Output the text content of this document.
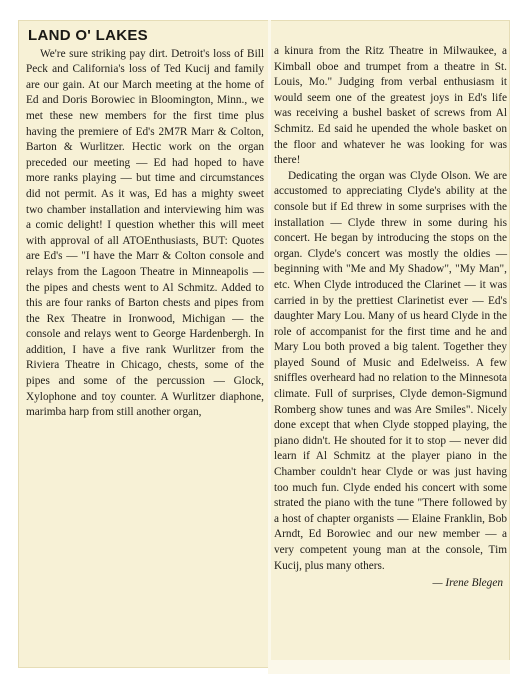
LAND O' LAKES

We're sure striking pay dirt. Detroit's loss of Bill Peck and California's loss of Ted Kucij and family are our gain. At our March meeting at the home of Ed and Doris Borowiec in Bloomington, Minn., we met these new members for the first time plus having the premiere of Ed's 2M7R Marr & Colton, Barton & Wurlitzer. Hectic work on the organ preceded our meeting — Ed had hoped to have more ranks playing — but time and circumstances did not permit. As it was, Ed has a mighty sweet two chamber installation and interviewing him was a comic delight! I question whether this will meet with approval of all ATOEnthusiasts, BUT: Quotes are Ed's — "I have the Marr & Colton console and relays from the Lagoon Theatre in Minneapolis — the pipes and chests went to Al Schmitz. Added to this are four ranks of Barton chests and pipes from the Rex Theatre in Ironwood, Michigan — the console and relays went to George Hardenbergh. In addition, I have a five rank Wurlitzer from the Riviera Theatre in Chicago, chests, some of the pipes and some of the percussion — Glock, Xylophone and toy counter. A Wurlitzer diaphone, marimba harp from still another organ,

a kinura from the Ritz Theatre in Milwaukee, a Kimball oboe and trumpet from a theatre in St. Louis, Mo." Judging from verbal enthusiasm it would seem one of the greatest joys in Ed's life was receiving a bushel basket of screws from Al Schmitz. Ed said he upended the whole basket on the floor and whatever he was looking for was there!

Dedicating the organ was Clyde Olson. We are accustomed to appreciating Clyde's ability at the console but if Ed threw in some surprises with the installation — Clyde threw in some during his concert. He began by introducing the stops on the organ. Clyde's concert was mostly the oldies — beginning with "Me and My Shadow", "My Man", etc. When Clyde introduced the Clarinet — it was carried in by the prettiest Clarinetist ever — Ed's daughter Mary Lou. Many of us heard Clyde in the role of accompanist for the first time and he and Mary Lou both proved a big talent. Together they played Sound of Music and Edelweiss. A few sniffles overheard had no relation to the Minnesota climate. Full of surprises, Clyde demon-Sigmund Romberg show tunes and was Are Smiles". Nicely done except that when Clyde stopped playing, the piano didn't. He shouted for it to stop — never did learn if Al Schmitz at the player piano in the Chamber couldn't hear Clyde or was just having too much fun. Clyde ended his concert with some strated the piano with the tune "There followed by a host of chapter organists — Elaine Franklin, Bob Arndt, Ed Borowiec and our new member — a very competent young man at the console, Tim Kucij, plus many others.

— Irene Blegen
